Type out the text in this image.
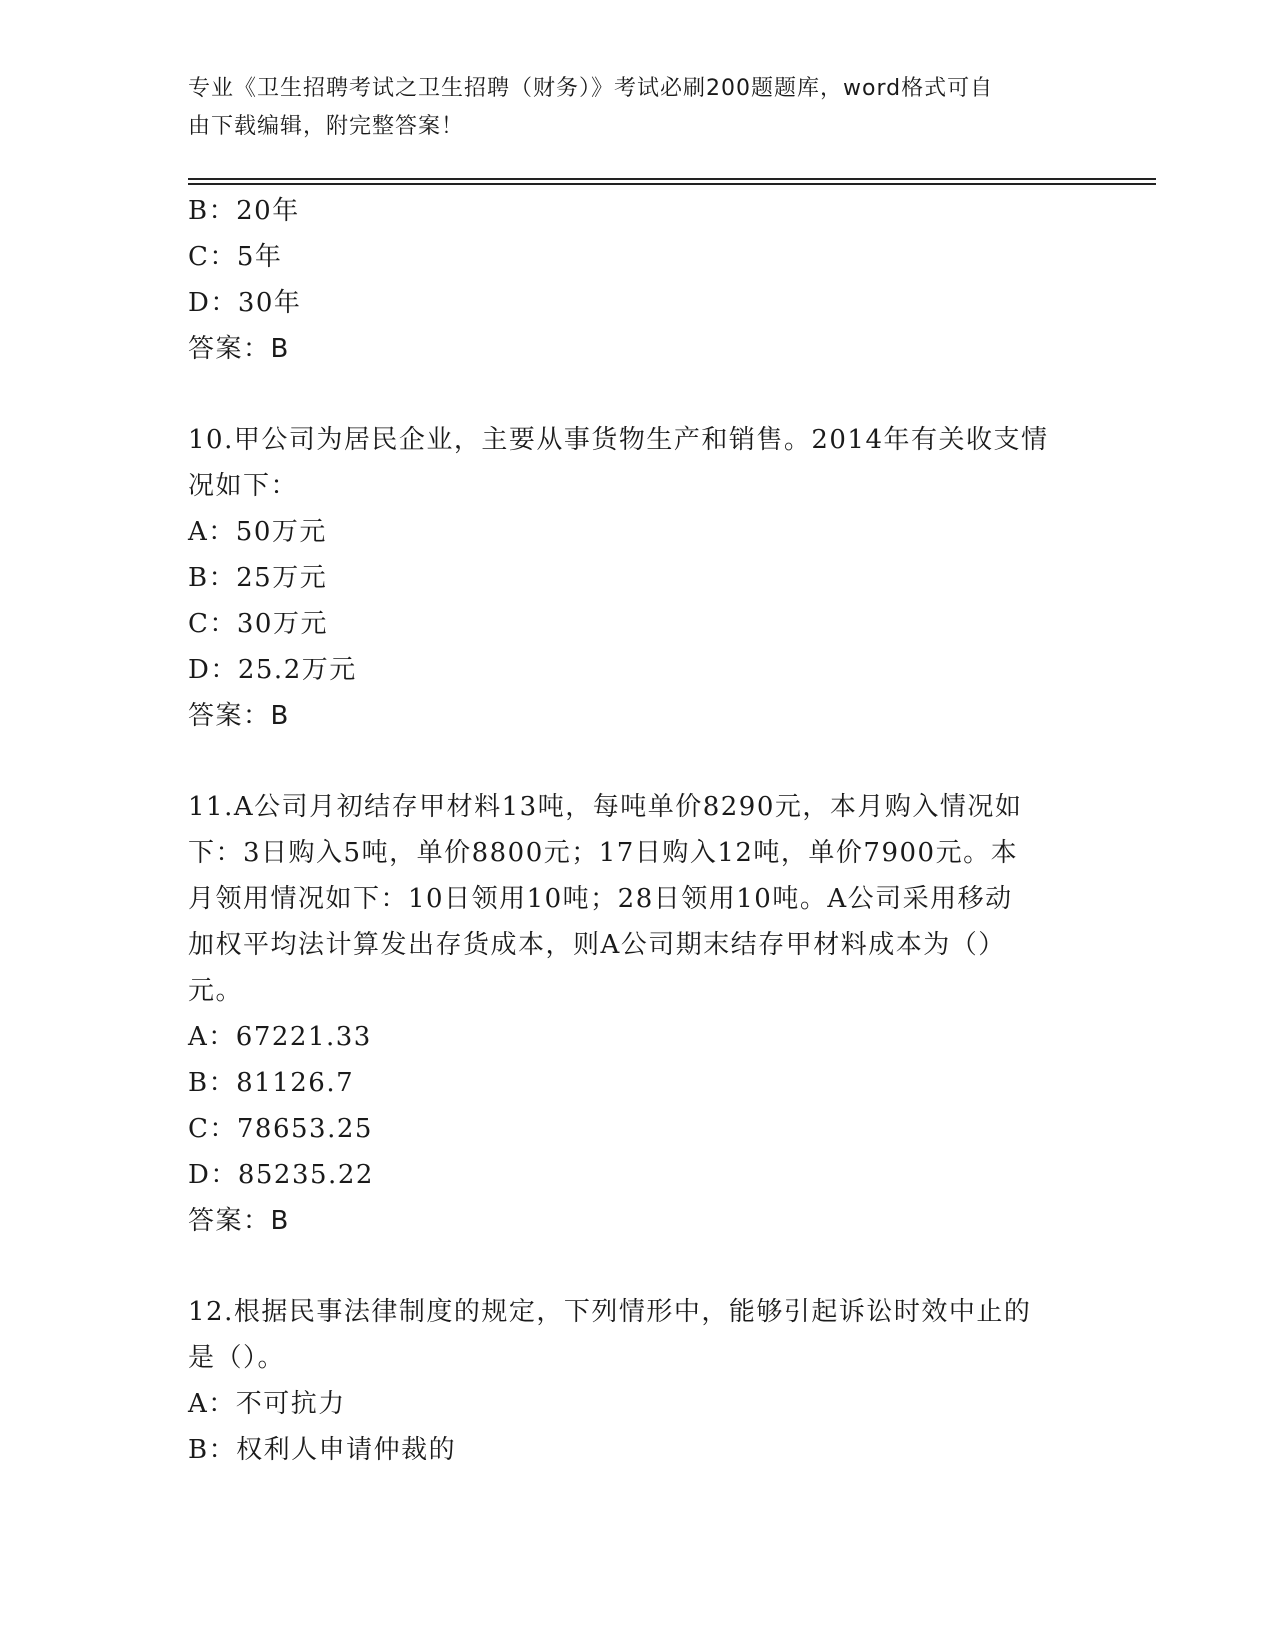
专业《卫生招聘考试之卫生招聘（财务）》考试必刷200题题库，word格式可自
由下载编辑，附完整答案！
B：20年
C：5年
D：30年
答案：B
10.甲公司为居民企业，主要从事货物生产和销售。2014年有关收支情
况如下：
A：50万元
B：25万元
C：30万元
D：25.2万元
答案：B
11.A公司月初结存甲材料13吨，每吨单价8290元，本月购入情况如
下：3日购入5吨，单价8800元；17日购入12吨，单价7900元。本
月领用情况如下：10日领用10吨；28日领用10吨。A公司采用移动
加权平均法计算发出存货成本，则A公司期末结存甲材料成本为（）
元。
A：67221.33
B：81126.7
C：78653.25
D：85235.22
答案：B
12.根据民事法律制度的规定，下列情形中，能够引起诉讼时效中止的
是（）。
A：不可抗力
B：权利人申请仲裁的
